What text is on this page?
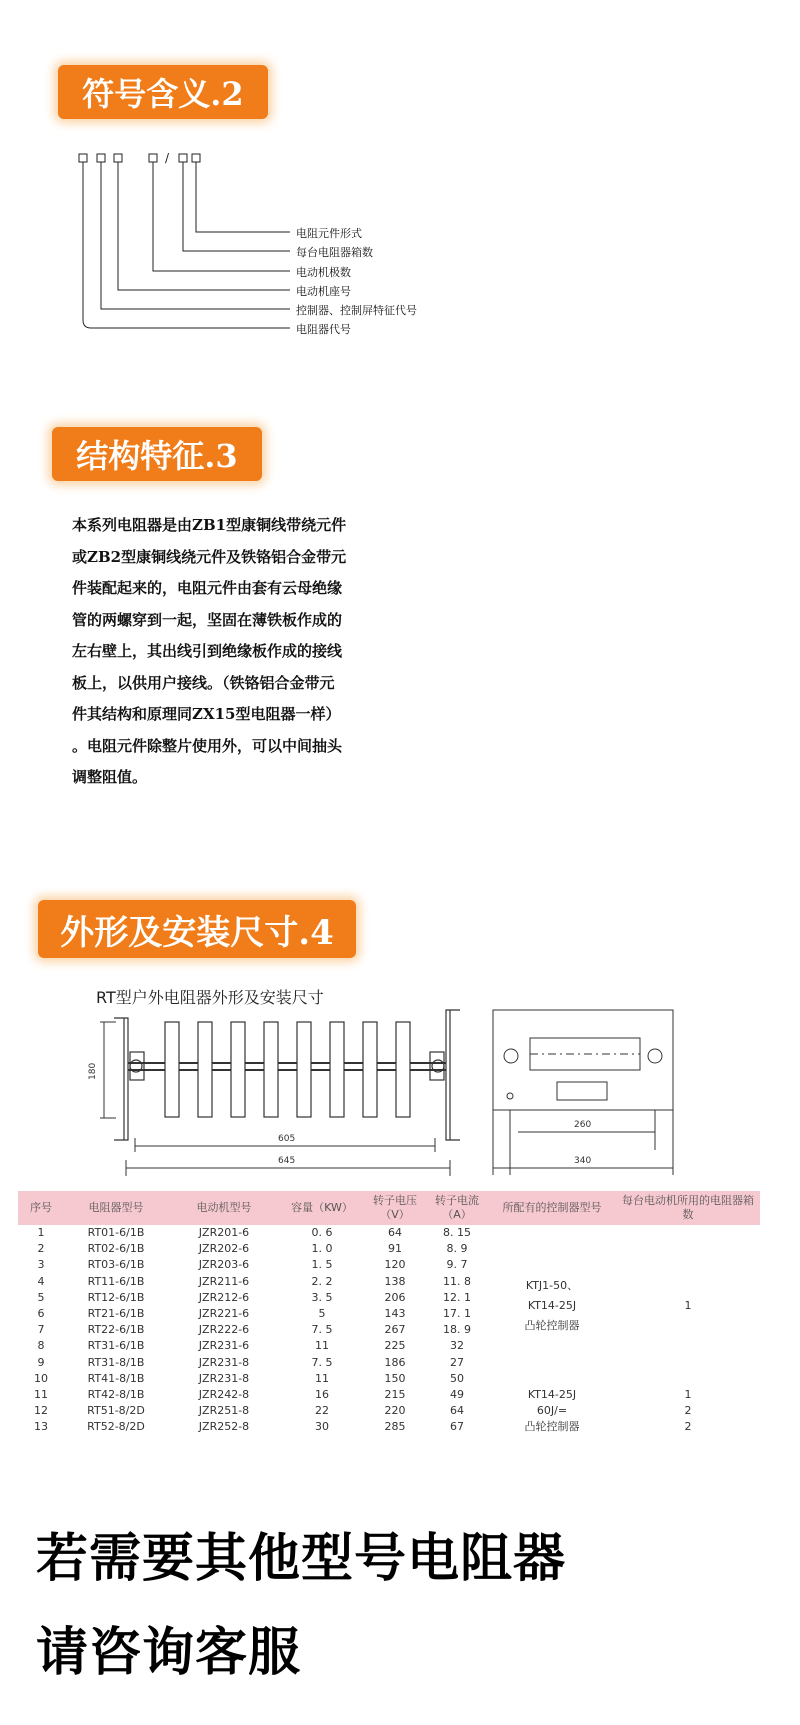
符号含义.2
/
电阻元件形式
每台电阻器箱数
电动机极数
电动机座号
控制器、控制屏特征代号
电阻器代号
结构特征.3
本系列电阻器是由ZB1型康铜线带绕元件
或ZB2型康铜线绕元件及铁铬铝合金带元
件装配起来的，电阻元件由套有云母绝缘
管的两螺穿到一起，坚固在薄铁板作成的
左右壁上，其出线引到绝缘板作成的接线
板上，以供用户接线。（铁铬铝合金带元
件其结构和原理同ZX15型电阻器一样）
。电阻元件除整片使用外，可以中间抽头
调整阻值。
外形及安装尺寸.4
RT型户外电阻器外形及安装尺寸
180
605
645
260
340
序号	电阻器型号	电动机型号	容量（KW）	转子电压（V）	转子电流（A）	所配有的控制器型号	每台电动机所用的电阻器箱数
1	RT01-6/1B	JZR201-6	0. 6	64	8. 15	KTJ1-50、
KT14-25J
凸轮控制器	1
2	RT02-6/1B	JZR202-6	1. 0	91	8. 9		
3	RT03-6/1B	JZR203-6	1. 5	120	9. 7		
4	RT11-6/1B	JZR211-6	2. 2	138	11. 8		
5	RT12-6/1B	JZR212-6	3. 5	206	12. 1		
6	RT21-6/1B	JZR221-6	5	143	17. 1		
7	RT22-6/1B	JZR222-6	7. 5	267	18. 9		
8	RT31-6/1B	JZR231-6	11	225	32		
9	RT31-8/1B	JZR231-8	7. 5	186	27		
10	RT41-8/1B	JZR231-8	11	150	50		
11	RT42-8/1B	JZR242-8	16	215	49	KT14-25J	1
12	RT51-8/2D	JZR251-8	22	220	64	60J/=	2
13	RT52-8/2D	JZR252-8	30	285	67	凸轮控制器	2
若需要其他型号电阻器
请咨询客服
